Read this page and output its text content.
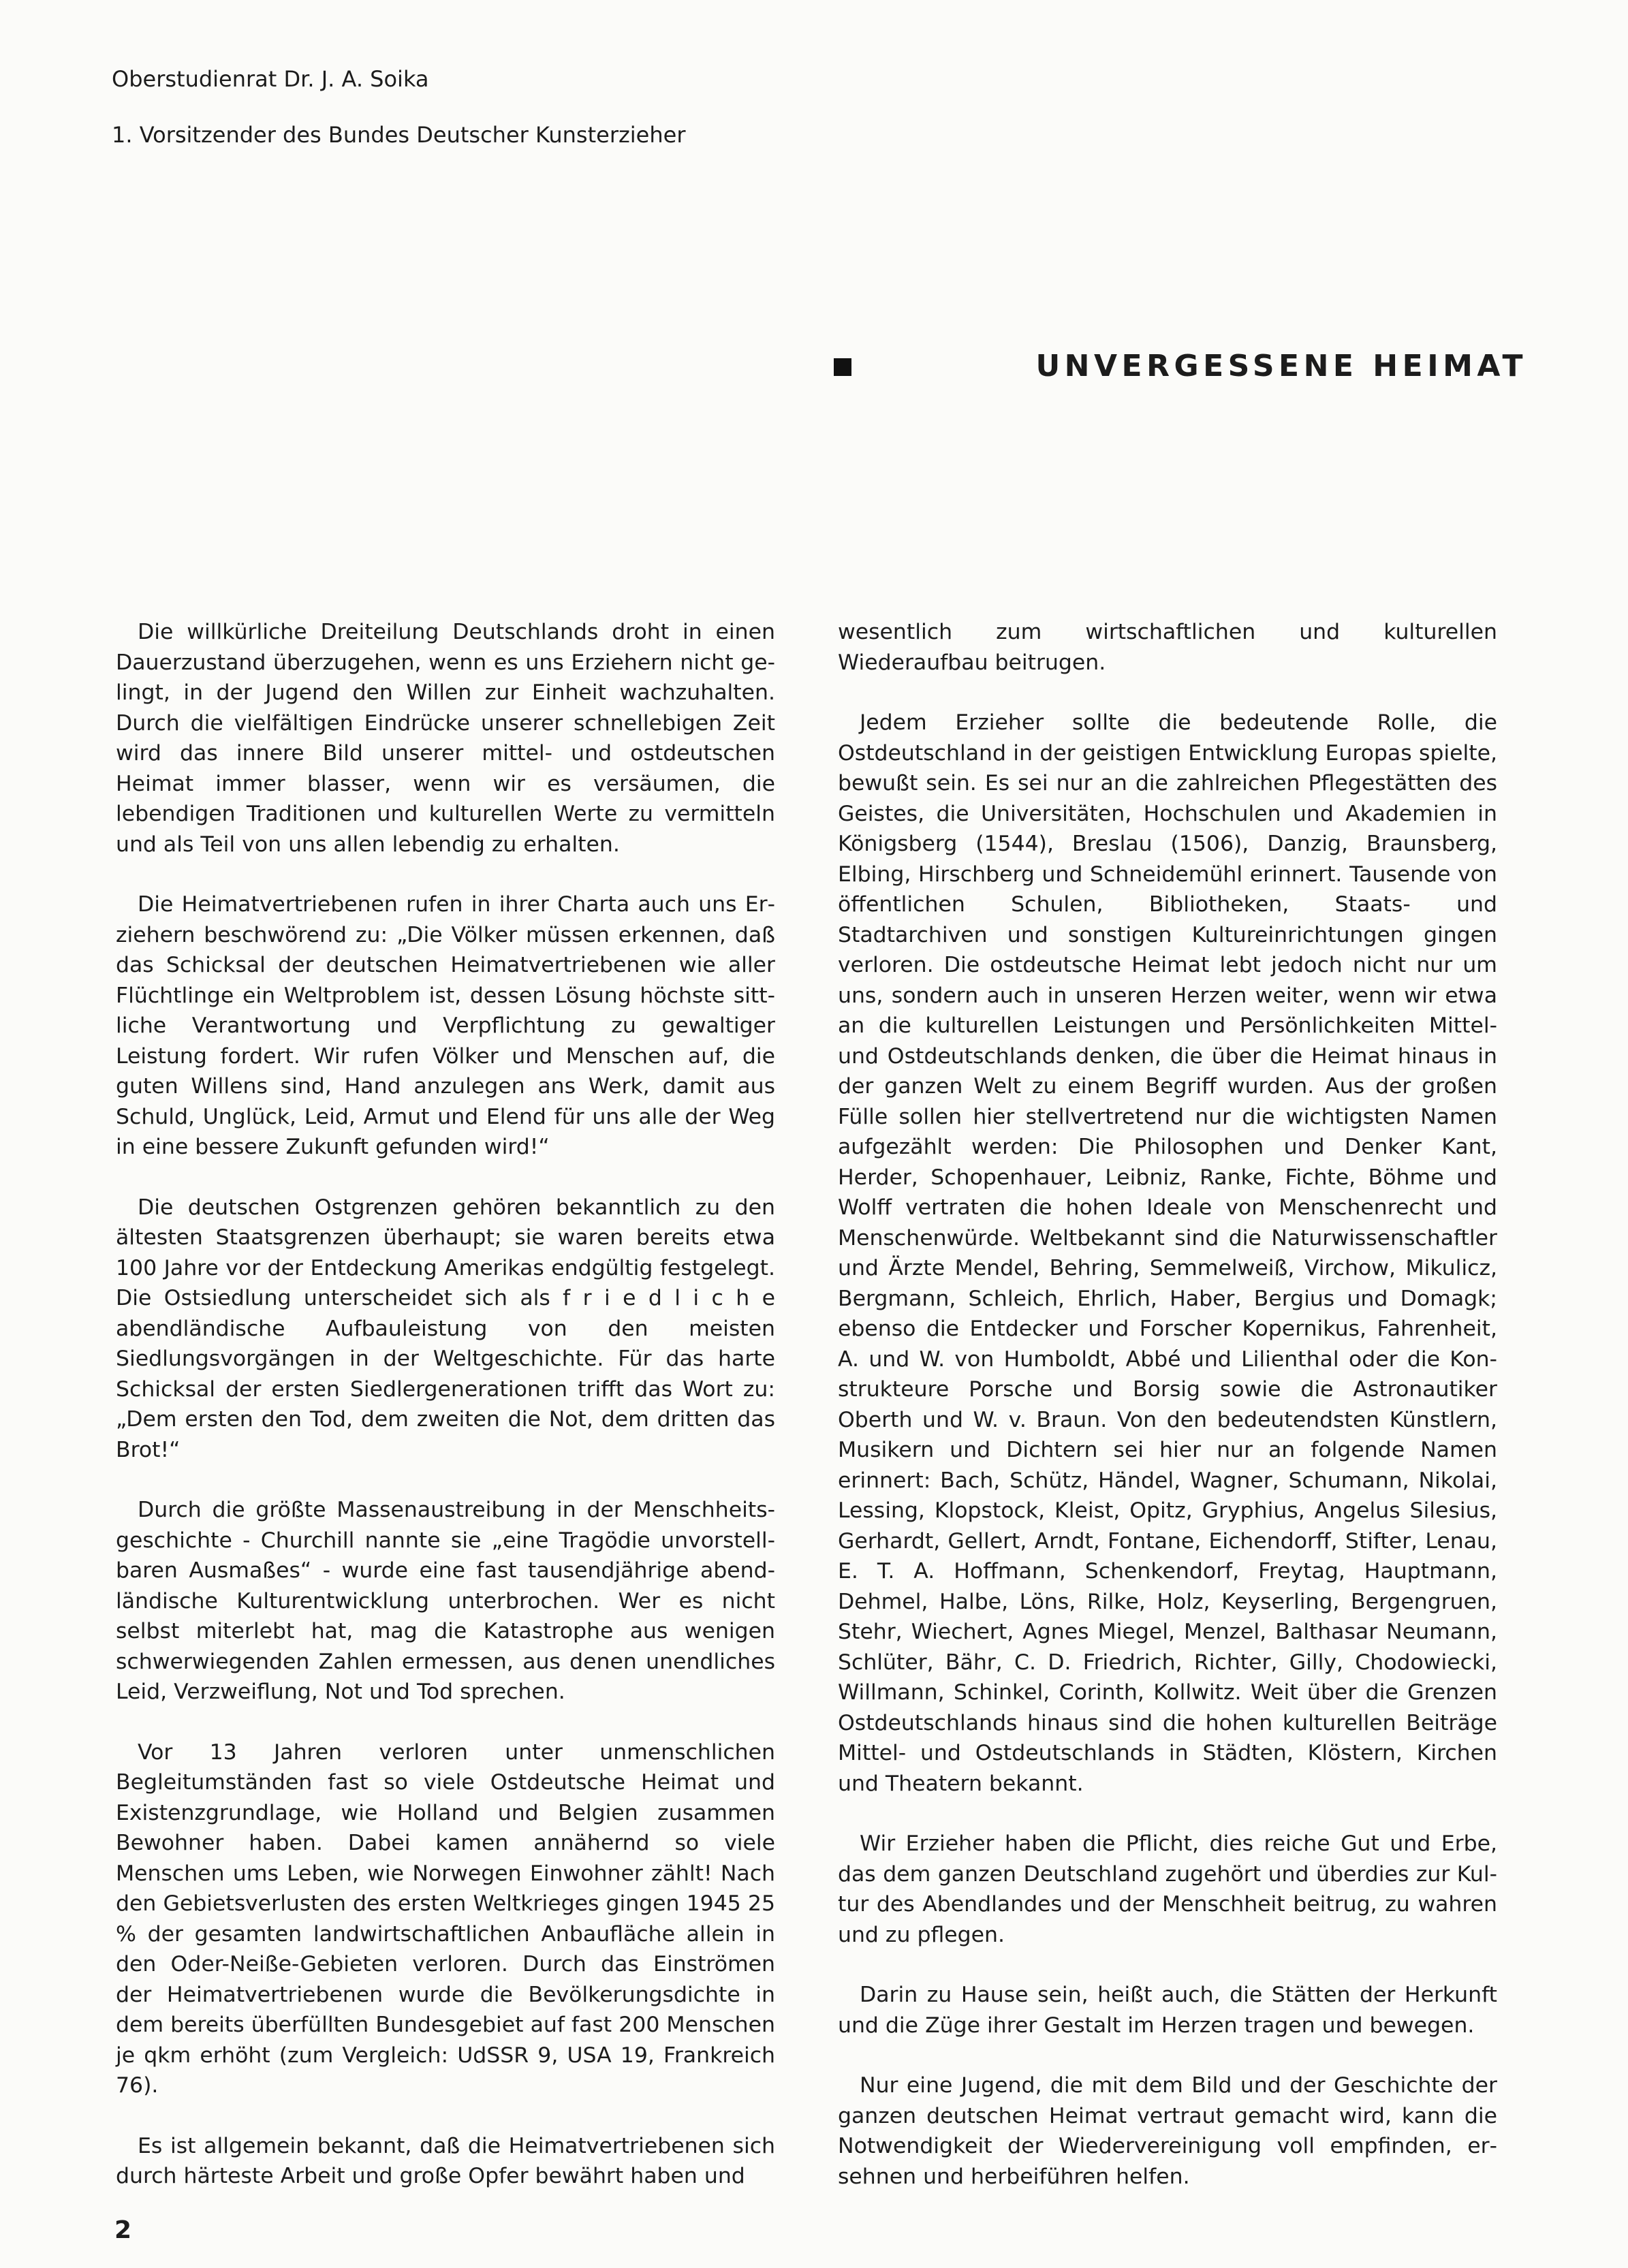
Oberstudienrat Dr. J. A. Soika
1. Vorsitzender des Bundes Deutscher Kunsterzieher
UNVERGESSENE HEIMAT

Die willkürliche Dreiteilung Deutschlands droht in einen Dauerzustand überzugehen, wenn es uns Erziehern nicht gelingt, in der Jugend den Willen zur Einheit wachzuhalten. Durch die vielfältigen Eindrücke unserer schnellebigen Zeit wird das innere Bild unserer mittel- und ostdeutschen Heimat immer blasser, wenn wir es versäumen, die lebendigen Traditionen und kulturellen Werte zu vermitteln und als Teil von uns allen lebendig zu erhalten.

Die Heimatvertriebenen rufen in ihrer Charta auch uns Erziehern beschwörend zu: „Die Völker müssen erkennen, daß das Schicksal der deutschen Heimatvertriebenen wie aller Flüchtlinge ein Weltproblem ist, dessen Lösung höchste sittliche Verantwortung und Verpflichtung zu gewaltiger Leistung fordert. Wir rufen Völker und Menschen auf, die guten Willens sind, Hand anzulegen ans Werk, damit aus Schuld, Unglück, Leid, Armut und Elend für uns alle der Weg in eine bessere Zukunft gefunden wird!“

Die deutschen Ostgrenzen gehören bekanntlich zu den ältesten Staatsgrenzen überhaupt; sie waren bereits etwa 100 Jahre vor der Entdeckung Amerikas endgültig festgelegt. Die Ostsiedlung unterscheidet sich als f r i e d l i c h e abendländische Aufbauleistung von den meisten Siedlungsvorgängen in der Weltgeschichte. Für das harte Schicksal der ersten Siedlergenerationen trifft das Wort zu: „Dem ersten den Tod, dem zweiten die Not, dem dritten das Brot!“

Durch die größte Massenaustreibung in der Menschheitsgeschichte - Churchill nannte sie „eine Tragödie unvorstellbaren Ausmaßes“ - wurde eine fast tausendjährige abendländische Kulturentwicklung unterbrochen. Wer es nicht selbst miterlebt hat, mag die Katastrophe aus wenigen schwerwiegenden Zahlen ermessen, aus denen unendliches Leid, Verzweiflung, Not und Tod sprechen.

Vor 13 Jahren verloren unter unmenschlichen Begleitumständen fast so viele Ostdeutsche Heimat und Existenzgrundlage, wie Holland und Belgien zusammen Bewohner haben. Dabei kamen annähernd so viele Menschen ums Leben, wie Norwegen Einwohner zählt! Nach den Gebietsverlusten des ersten Weltkrieges gingen 1945 25 % der gesamten landwirtschaftlichen Anbaufläche allein in den Oder-Neiße-Gebieten verloren. Durch das Einströmen der Heimatvertriebenen wurde die Bevölkerungsdichte in dem bereits überfüllten Bundesgebiet auf fast 200 Menschen je qkm erhöht (zum Vergleich: UdSSR 9, USA 19, Frankreich 76).

Es ist allgemein bekannt, daß die Heimatvertriebenen sich durch härteste Arbeit und große Opfer bewährt haben und

wesentlich zum wirtschaftlichen und kulturellen Wiederaufbau beitrugen.

Jedem Erzieher sollte die bedeutende Rolle, die Ostdeutschland in der geistigen Entwicklung Europas spielte, bewußt sein. Es sei nur an die zahlreichen Pflegestätten des Geistes, die Universitäten, Hochschulen und Akademien in Königsberg (1544), Breslau (1506), Danzig, Braunsberg, Elbing, Hirschberg und Schneidemühl erinnert. Tausende von öffentlichen Schulen, Bibliotheken, Staats- und Stadtarchiven und sonstigen Kultureinrichtungen gingen verloren. Die ostdeutsche Heimat lebt jedoch nicht nur um uns, sondern auch in unseren Herzen weiter, wenn wir etwa an die kulturellen Leistungen und Persönlichkeiten Mittel- und Ostdeutschlands denken, die über die Heimat hinaus in der ganzen Welt zu einem Begriff wurden. Aus der großen Fülle sollen hier stellvertretend nur die wichtigsten Namen aufgezählt werden: Die Philosophen und Denker Kant, Herder, Schopenhauer, Leibniz, Ranke, Fichte, Böhme und Wolff vertraten die hohen Ideale von Menschenrecht und Menschenwürde. Weltbekannt sind die Naturwissenschaftler und Ärzte Mendel, Behring, Semmelweiß, Virchow, Mikulicz, Bergmann, Schleich, Ehrlich, Haber, Bergius und Domagk; ebenso die Entdecker und Forscher Kopernikus, Fahrenheit, A. und W. von Humboldt, Abbé und Lilienthal oder die Konstrukteure Porsche und Borsig sowie die Astronautiker Oberth und W. v. Braun. Von den bedeutendsten Künstlern, Musikern und Dichtern sei hier nur an folgende Namen erinnert: Bach, Schütz, Händel, Wagner, Schumann, Nikolai, Lessing, Klopstock, Kleist, Opitz, Gryphius, Angelus Silesius, Gerhardt, Gellert, Arndt, Fontane, Eichendorff, Stifter, Lenau, E. T. A. Hoffmann, Schenkendorf, Freytag, Hauptmann, Dehmel, Halbe, Löns, Rilke, Holz, Keyserling, Bergengruen, Stehr, Wiechert, Agnes Miegel, Menzel, Balthasar Neumann, Schlüter, Bähr, C. D. Friedrich, Richter, Gilly, Chodowiecki, Willmann, Schinkel, Corinth, Kollwitz. Weit über die Grenzen Ostdeutschlands hinaus sind die hohen kulturellen Beiträge Mittel- und Ostdeutschlands in Städten, Klöstern, Kirchen und Theatern bekannt.

Wir Erzieher haben die Pflicht, dies reiche Gut und Erbe, das dem ganzen Deutschland zugehört und überdies zur Kultur des Abendlandes und der Menschheit beitrug, zu wahren und zu pflegen.

Darin zu Hause sein, heißt auch, die Stätten der Herkunft und die Züge ihrer Gestalt im Herzen tragen und bewegen.

Nur eine Jugend, die mit dem Bild und der Geschichte der ganzen deutschen Heimat vertraut gemacht wird, kann die Notwendigkeit der Wiedervereinigung voll empfinden, ersehnen und herbeiführen helfen.

2
